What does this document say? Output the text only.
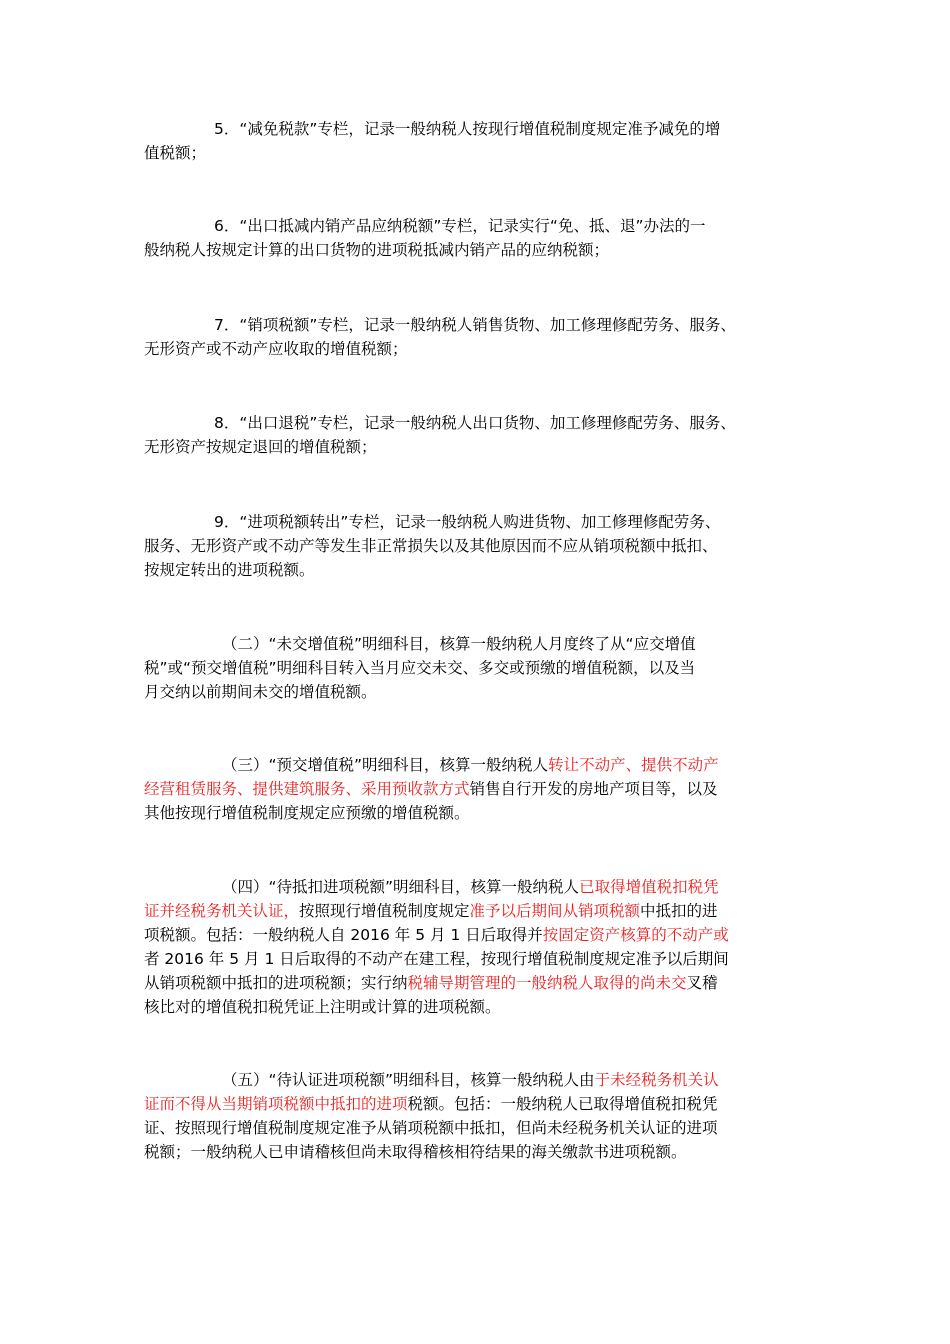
5．“减免税款”专栏，记录一般纳税人按现行增值税制度规定准予减免的增
值税额；
6．“出口抵减内销产品应纳税额”专栏，记录实行“免、抵、退”办法的一
般纳税人按规定计算的出口货物的进项税抵减内销产品的应纳税额；
7．“销项税额”专栏，记录一般纳税人销售货物、加工修理修配劳务、服务、
无形资产或不动产应收取的增值税额；
8．“出口退税”专栏，记录一般纳税人出口货物、加工修理修配劳务、服务、
无形资产按规定退回的增值税额；
9．“进项税额转出”专栏，记录一般纳税人购进货物、加工修理修配劳务、
服务、无形资产或不动产等发生非正常损失以及其他原因而不应从销项税额中抵扣、
按规定转出的进项税额。
（二）“未交增值税”明细科目，核算一般纳税人月度终了从“应交增值
税”或“预交增值税”明细科目转入当月应交未交、多交或预缴的增值税额，以及当
月交纳以前期间未交的增值税额。
（三）“预交增值税”明细科目，核算一般纳税人转让不动产、提供不动产
经营租赁服务、提供建筑服务、采用预收款方式销售自行开发的房地产项目等，以及
其他按现行增值税制度规定应预缴的增值税额。
（四）“待抵扣进项税额”明细科目，核算一般纳税人已取得增值税扣税凭
证并经税务机关认证，按照现行增值税制度规定准予以后期间从销项税额中抵扣的进
项税额。包括：一般纳税人自 2016 年 5 月 1 日后取得并按固定资产核算的不动产或
者 2016 年 5 月 1 日后取得的不动产在建工程，按现行增值税制度规定准予以后期间
从销项税额中抵扣的进项税额；实行纳税辅导期管理的一般纳税人取得的尚未交叉稽
核比对的增值税扣税凭证上注明或计算的进项税额。
（五）“待认证进项税额”明细科目，核算一般纳税人由于未经税务机关认
证而不得从当期销项税额中抵扣的进项税额。包括：一般纳税人已取得增值税扣税凭
证、按照现行增值税制度规定准予从销项税额中抵扣，但尚未经税务机关认证的进项
税额；一般纳税人已申请稽核但尚未取得稽核相符结果的海关缴款书进项税额。
